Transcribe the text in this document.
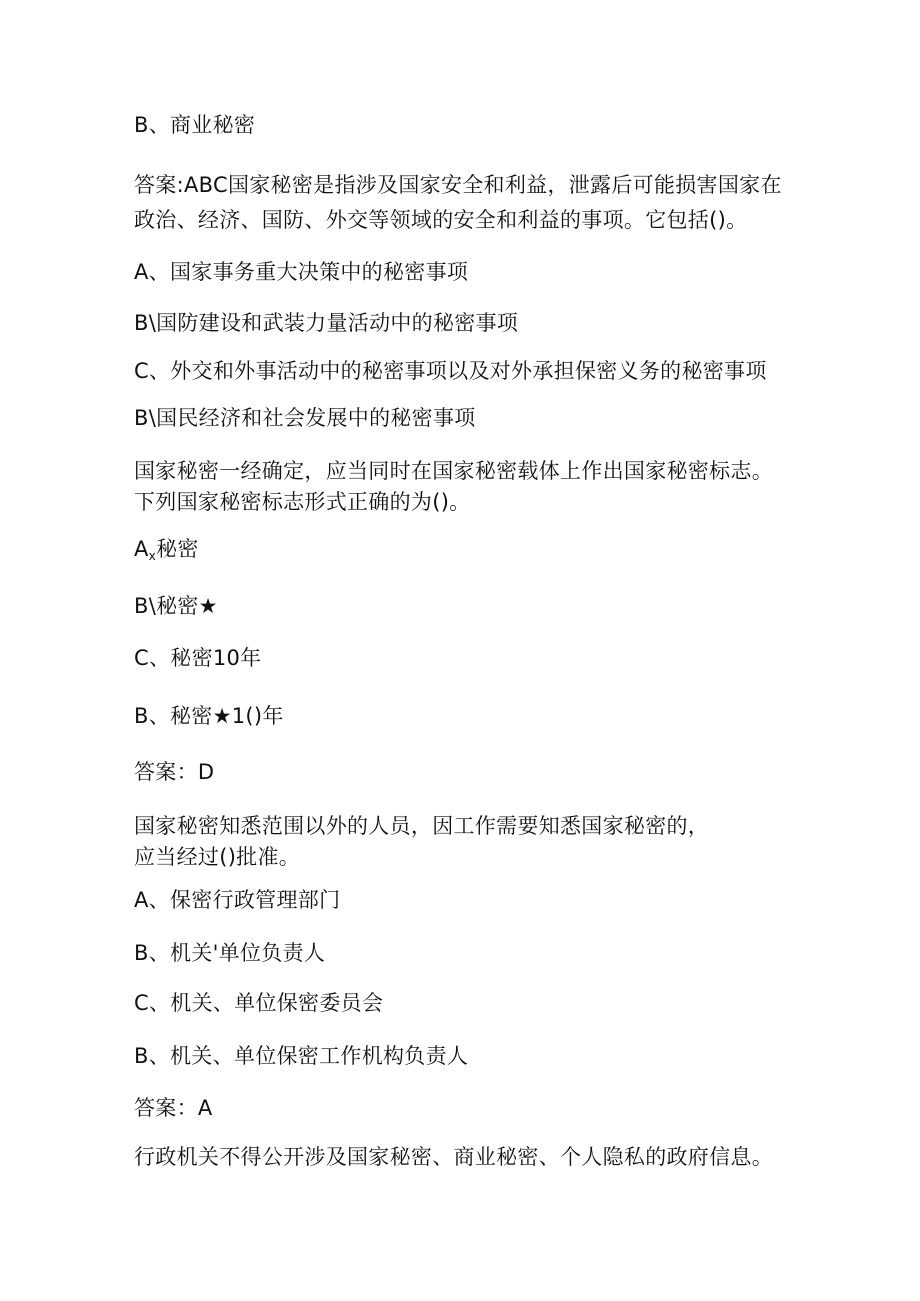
B、商业秘密
答案:ABC国家秘密是指涉及国家安全和利益，泄露后可能损害国家在
政治、经济、国防、外交等领域的安全和利益的事项。它包括()。
A、国家事务重大决策中的秘密事项
B\国防建设和武装力量活动中的秘密事项
C、外交和外事活动中的秘密事项以及对外承担保密义务的秘密事项
B\国民经济和社会发展中的秘密事项
国家秘密一经确定，应当同时在国家秘密载体上作出国家秘密标志。
下列国家秘密标志形式正确的为()。
$A_x$秘密
B\秘密★
C、秘密10年
B、秘密★1()年
答案：D
国家秘密知悉范围以外的人员，因工作需要知悉国家秘密的，
应当经过()批准。
A、保密行政管理部门
B、机关'单位负责人
C、机关、单位保密委员会
B、机关、单位保密工作机构负责人
答案：A
行政机关不得公开涉及国家秘密、商业秘密、个人隐私的政府信息。
